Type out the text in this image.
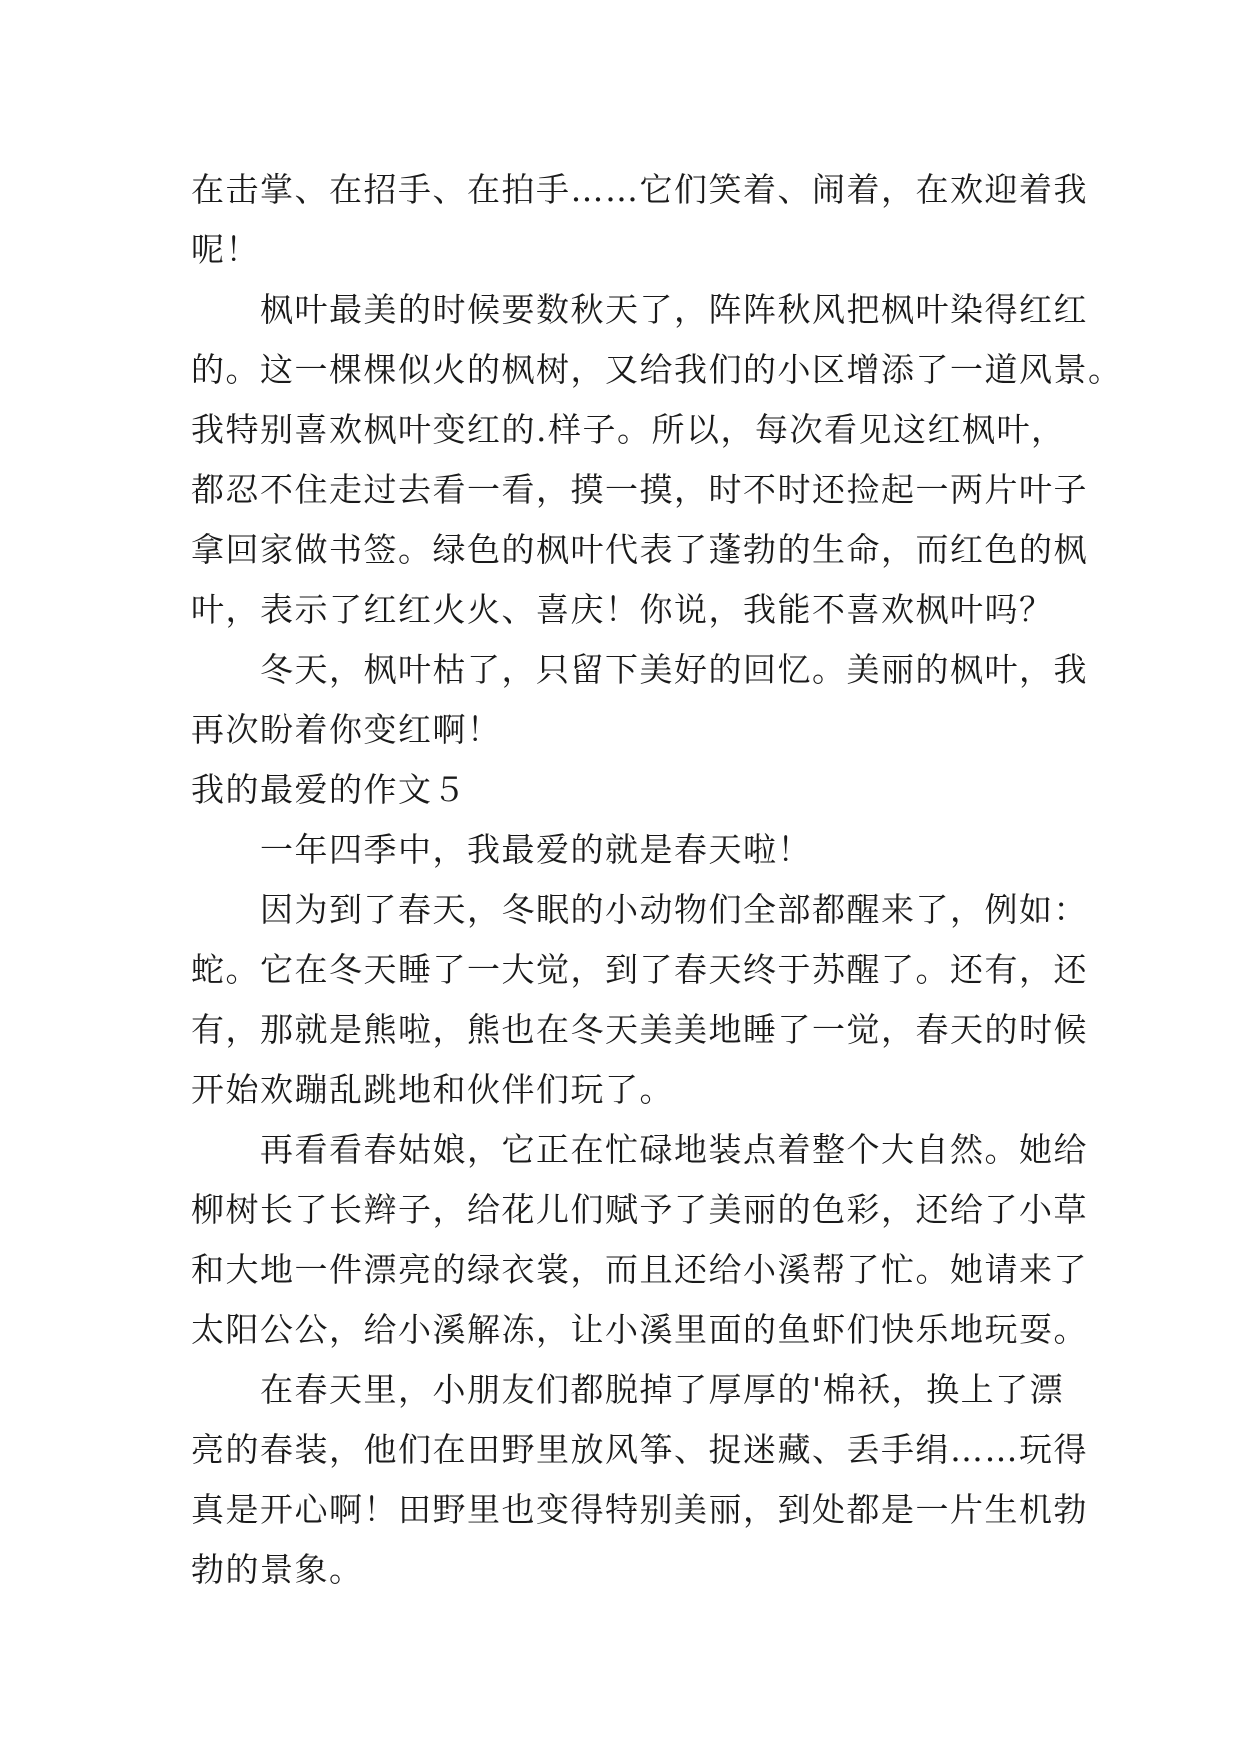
在击掌、在招手、在拍手……它们笑着、闹着，在欢迎着我
呢！
　　枫叶最美的时候要数秋天了，阵阵秋风把枫叶染得红红
的。这一棵棵似火的枫树，又给我们的小区增添了一道风景。
我特别喜欢枫叶变红的.样子。所以，每次看见这红枫叶，
都忍不住走过去看一看，摸一摸，时不时还捡起一两片叶子
拿回家做书签。绿色的枫叶代表了蓬勃的生命，而红色的枫
叶，表示了红红火火、喜庆！你说，我能不喜欢枫叶吗？
　　冬天，枫叶枯了，只留下美好的回忆。美丽的枫叶，我
再次盼着你变红啊！
我的最爱的作文５
　　一年四季中，我最爱的就是春天啦！
　　因为到了春天，冬眠的小动物们全部都醒来了，例如：
蛇。它在冬天睡了一大觉，到了春天终于苏醒了。还有，还
有，那就是熊啦，熊也在冬天美美地睡了一觉，春天的时候
开始欢蹦乱跳地和伙伴们玩了。
　　再看看春姑娘，它正在忙碌地装点着整个大自然。她给
柳树长了长辫子，给花儿们赋予了美丽的色彩，还给了小草
和大地一件漂亮的绿衣裳，而且还给小溪帮了忙。她请来了
太阳公公，给小溪解冻，让小溪里面的鱼虾们快乐地玩耍。
　　在春天里，小朋友们都脱掉了厚厚的'棉袄，换上了漂
亮的春装，他们在田野里放风筝、捉迷藏、丢手绢……玩得
真是开心啊！田野里也变得特别美丽，到处都是一片生机勃
勃的景象。
